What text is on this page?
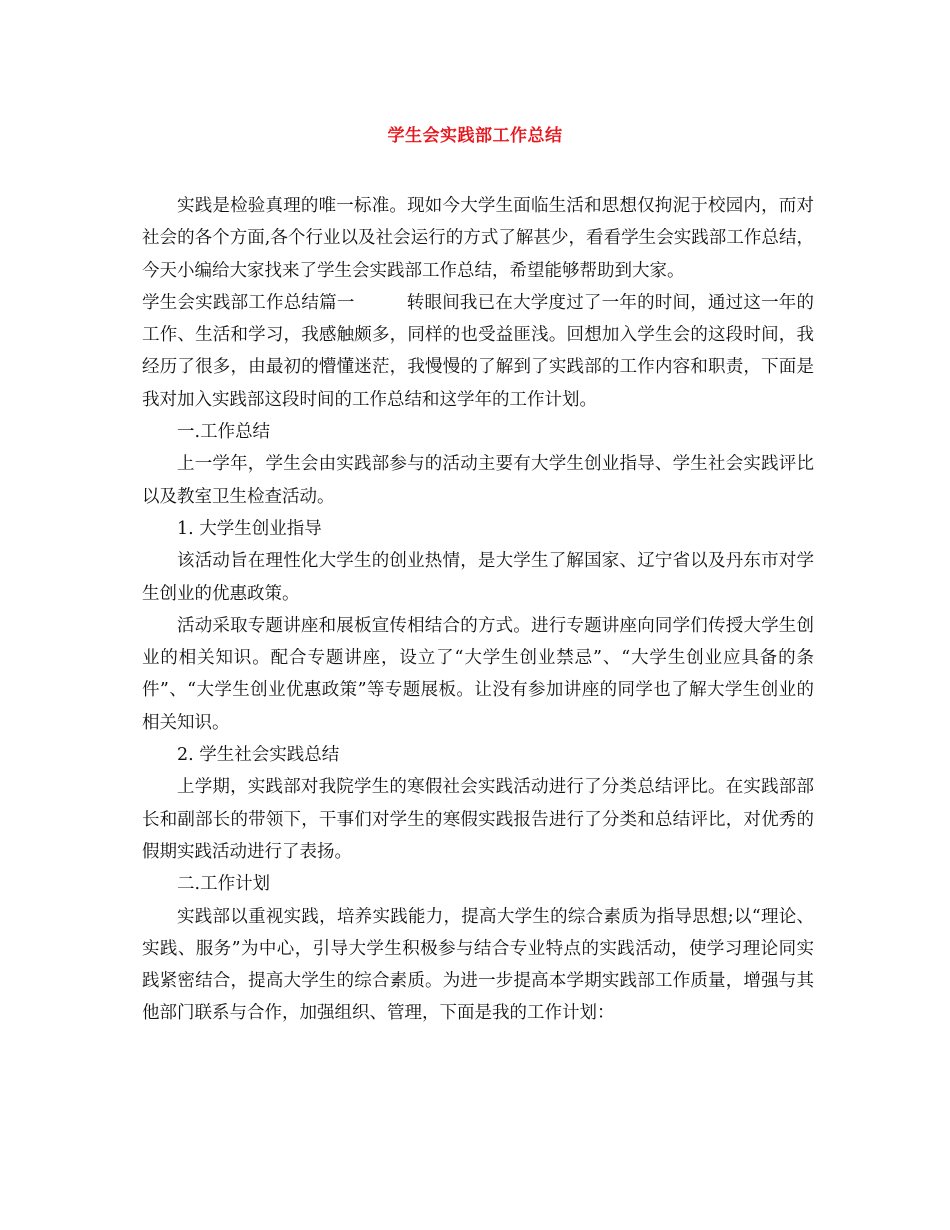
学生会实践部工作总结

实践是检验真理的唯一标准。现如今大学生面临生活和思想仅拘泥于校园内，而对社会的各个方面,各个行业以及社会运行的方式了解甚少，看看学生会实践部工作总结，今天小编给大家找来了学生会实践部工作总结，希望能够帮助到大家。

学生会实践部工作总结篇一	转眼间我已在大学度过了一年的时间，通过这一年的工作、生活和学习，我感触颇多，同样的也受益匪浅。回想加入学生会的这段时间，我经历了很多，由最初的懵懂迷茫，我慢慢的了解到了实践部的工作内容和职责，下面是我对加入实践部这段时间的工作总结和这学年的工作计划。

一.工作总结

上一学年，学生会由实践部参与的活动主要有大学生创业指导、学生社会实践评比以及教室卫生检查活动。

1. 大学生创业指导

该活动旨在理性化大学生的创业热情，是大学生了解国家、辽宁省以及丹东市对学生创业的优惠政策。

活动采取专题讲座和展板宣传相结合的方式。进行专题讲座向同学们传授大学生创业的相关知识。配合专题讲座，设立了“大学生创业禁忌”、“大学生创业应具备的条件”、“大学生创业优惠政策”等专题展板。让没有参加讲座的同学也了解大学生创业的相关知识。

2. 学生社会实践总结

上学期，实践部对我院学生的寒假社会实践活动进行了分类总结评比。在实践部部长和副部长的带领下，干事们对学生的寒假实践报告进行了分类和总结评比，对优秀的假期实践活动进行了表扬。

二.工作计划

实践部以重视实践，培养实践能力，提高大学生的综合素质为指导思想;以“理论、实践、服务”为中心，引导大学生积极参与结合专业特点的实践活动，使学习理论同实践紧密结合，提高大学生的综合素质。为进一步提高本学期实践部工作质量，增强与其他部门联系与合作，加强组织、管理，下面是我的工作计划：
